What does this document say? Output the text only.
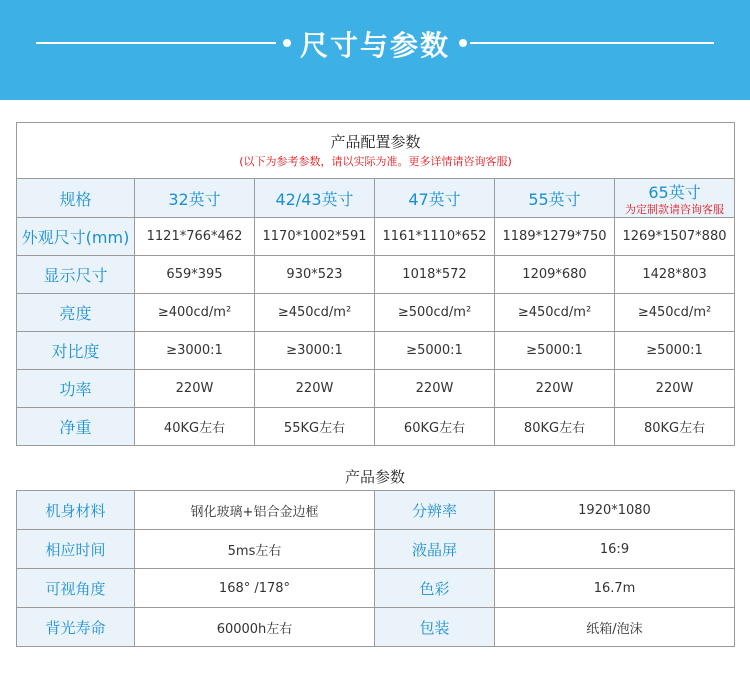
尺寸与参数
产品配置参数
(以下为参考参数，请以实际为准。更多详情请咨询客服)					

规格	32英寸	42/43英寸	47英寸	55英寸	65英寸
为定制款请咨询客服

外观尺寸(mm)	1121*766*462	1170*1002*591	1161*1110*652	1189*1279*750	1269*1507*880
显示尺寸	659*395	930*523	1018*572	1209*680	1428*803
亮度	≥400cd/m²	≥450cd/m²	≥500cd/m²	≥450cd/m²	≥450cd/m²
对比度	≥3000:1	≥3000:1	≥5000:1	≥5000:1	≥5000:1
功率	220W	220W	220W	220W	220W
净重	40KG左右	55KG左右	60KG左右	80KG左右	80KG左右
产品参数
机身材料	钢化玻璃+铝合金边框	分辨率	1920*1080
相应时间	5ms左右	液晶屏	16:9
可视角度	168° /178°	色彩	16.7m
背光寿命	60000h左右	包装	纸箱/泡沫
